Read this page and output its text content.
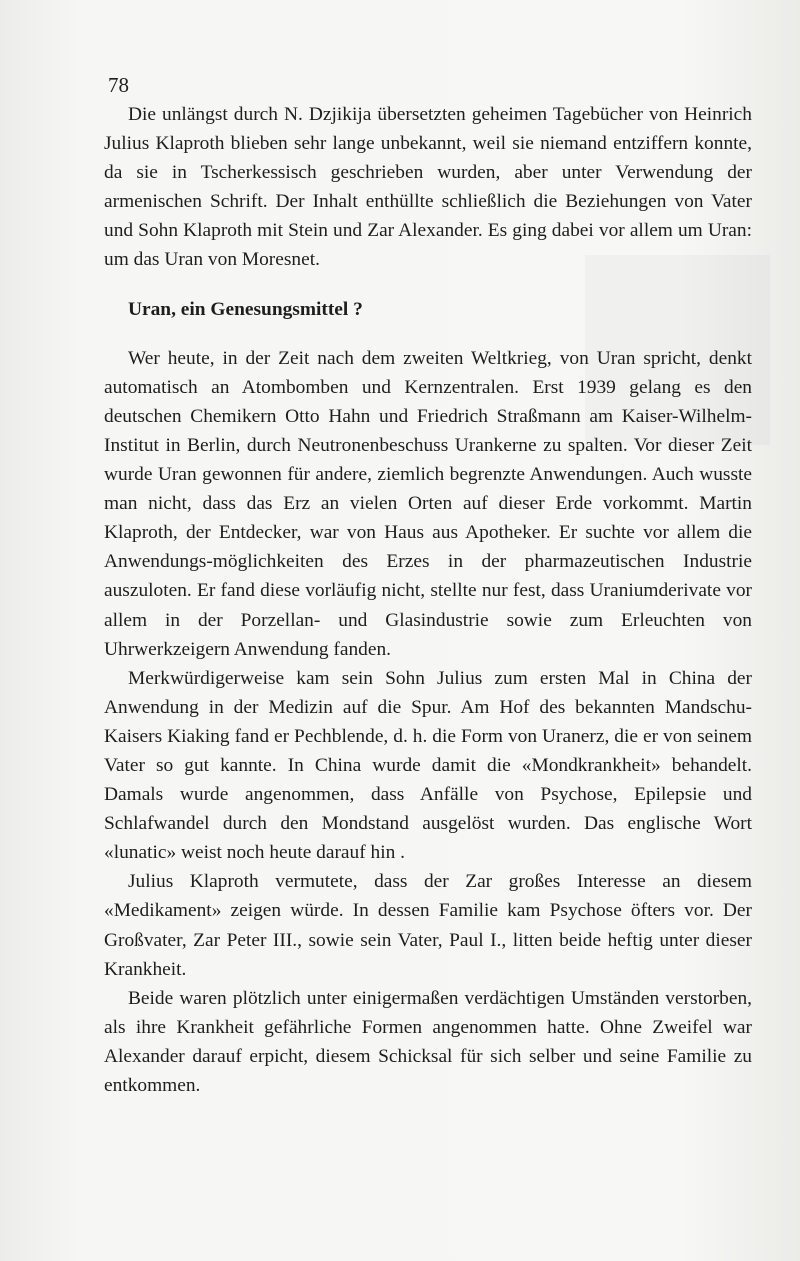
78

Die unlängst durch N. Dzjikija übersetzten geheimen Tagebücher von Heinrich Julius Klaproth blieben sehr lange unbekannt, weil sie niemand entziffern konnte, da sie in Tscherkessisch geschrieben wurden, aber unter Verwendung der armenischen Schrift. Der Inhalt enthüllte schließlich die Beziehungen von Vater und Sohn Klaproth mit Stein und Zar Alexander. Es ging dabei vor allem um Uran: um das Uran von Moresnet.

Uran, ein Genesungsmittel ?

Wer heute, in der Zeit nach dem zweiten Weltkrieg, von Uran spricht, denkt automatisch an Atombomben und Kernzentralen. Erst 1939 gelang es den deutschen Chemikern Otto Hahn und Friedrich Straßmann am Kaiser-Wilhelm-Institut in Berlin, durch Neutronenbeschuss Urankerne zu spalten. Vor dieser Zeit wurde Uran gewonnen für andere, ziemlich begrenzte Anwendungen. Auch wusste man nicht, dass das Erz an vielen Orten auf dieser Erde vorkommt. Martin Klaproth, der Entdecker, war von Haus aus Apotheker. Er suchte vor allem die Anwendungs-möglichkeiten des Erzes in der pharmazeutischen Industrie auszuloten. Er fand diese vorläufig nicht, stellte nur fest, dass Uraniumderivate vor allem in der Porzellan- und Glasindustrie sowie zum Erleuchten von Uhrwerkzeigern Anwendung fanden.

Merkwürdigerweise kam sein Sohn Julius zum ersten Mal in China der Anwendung in der Medizin auf die Spur. Am Hof des bekannten Mandschu-Kaisers Kiaking fand er Pechblende, d. h. die Form von Uranerz, die er von seinem Vater so gut kannte. In China wurde damit die «Mondkrankheit» behandelt. Damals wurde angenommen, dass Anfälle von Psychose, Epilepsie und Schlafwandel durch den Mondstand ausgelöst wurden. Das englische Wort «lunatic» weist noch heute darauf hin .

Julius Klaproth vermutete, dass der Zar großes Interesse an diesem «Medikament» zeigen würde. In dessen Familie kam Psychose öfters vor. Der Großvater, Zar Peter III., sowie sein Vater, Paul I., litten beide heftig unter dieser Krankheit.

Beide waren plötzlich unter einigermaßen verdächtigen Umständen verstorben, als ihre Krankheit gefährliche Formen angenommen hatte. Ohne Zweifel war Alexander darauf erpicht, diesem Schicksal für sich selber und seine Familie zu entkommen.
